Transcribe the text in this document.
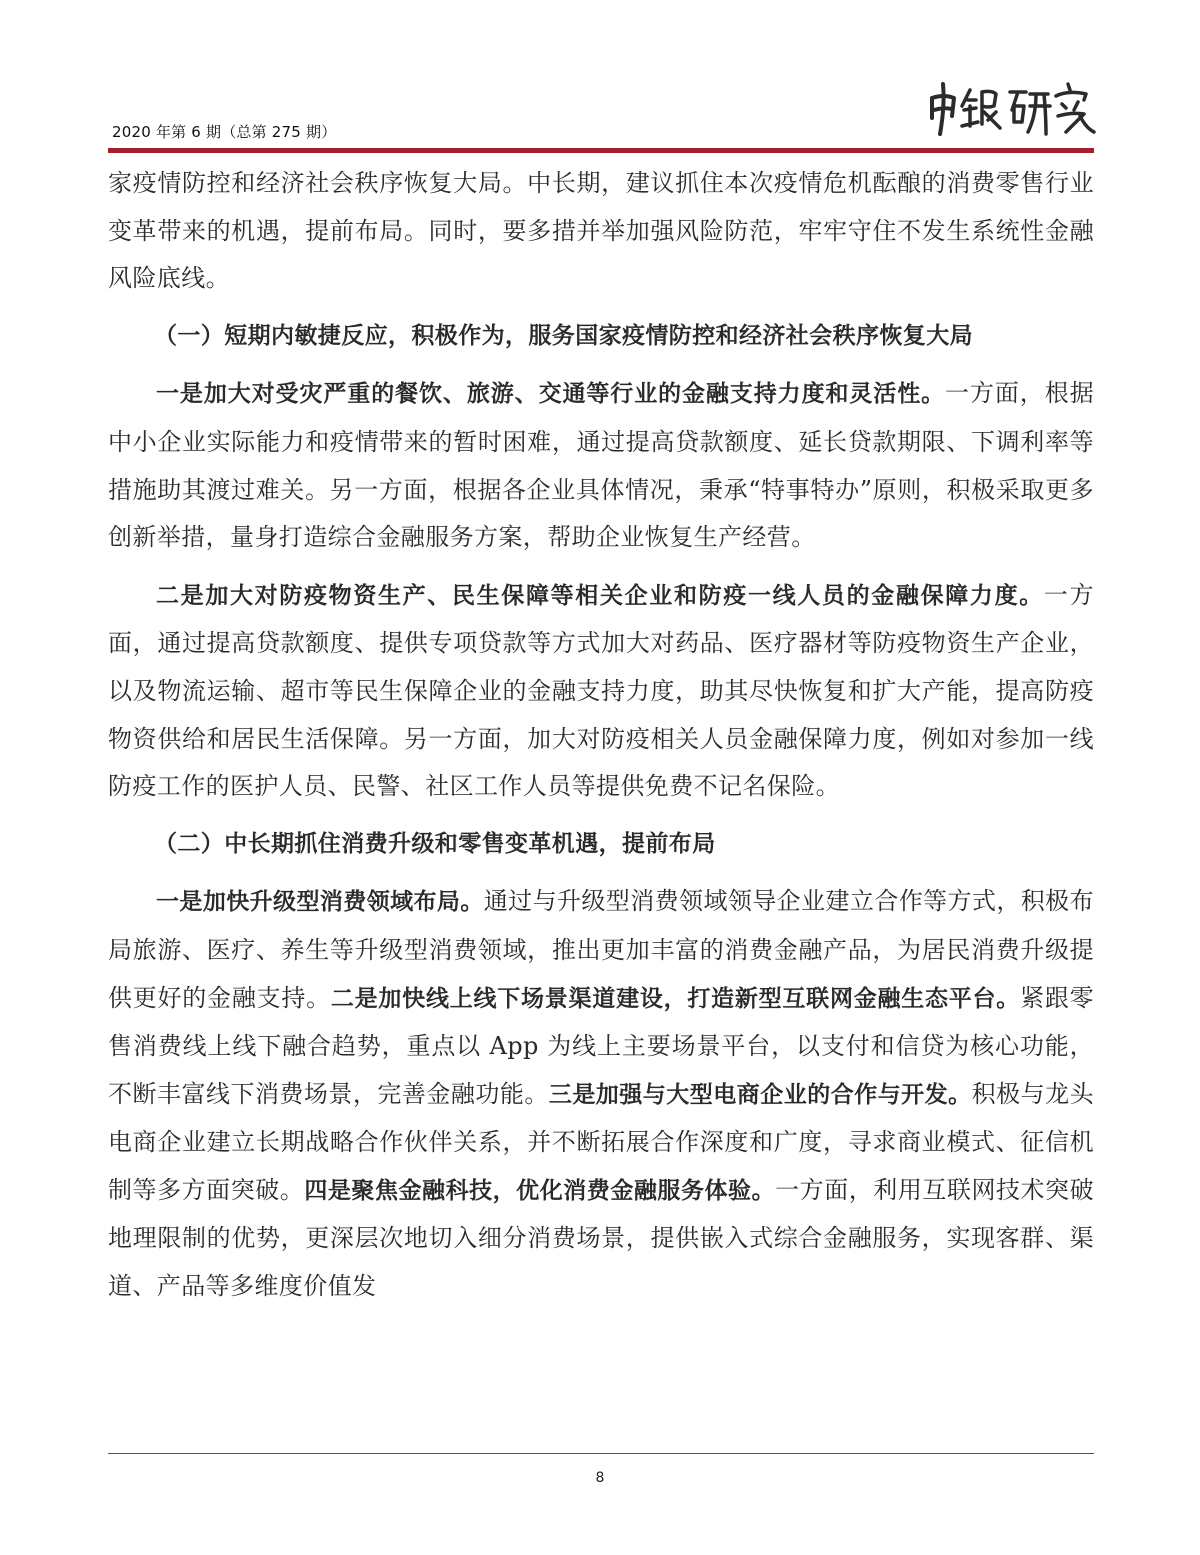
2020 年第 6 期（总第 275 期）

家疫情防控和经济社会秩序恢复大局。中长期，建议抓住本次疫情危机酝酿的消费零售行业变革带来的机遇，提前布局。同时，要多措并举加强风险防范，牢牢守住不发生系统性金融风险底线。

（一）短期内敏捷反应，积极作为，服务国家疫情防控和经济社会秩序恢复大局

一是加大对受灾严重的餐饮、旅游、交通等行业的金融支持力度和灵活性。一方面，根据中小企业实际能力和疫情带来的暂时困难，通过提高贷款额度、延长贷款期限、下调利率等措施助其渡过难关。另一方面，根据各企业具体情况，秉承“特事特办”原则，积极采取更多创新举措，量身打造综合金融服务方案，帮助企业恢复生产经营。

二是加大对防疫物资生产、民生保障等相关企业和防疫一线人员的金融保障力度。一方面，通过提高贷款额度、提供专项贷款等方式加大对药品、医疗器材等防疫物资生产企业，以及物流运输、超市等民生保障企业的金融支持力度，助其尽快恢复和扩大产能，提高防疫物资供给和居民生活保障。另一方面，加大对防疫相关人员金融保障力度，例如对参加一线防疫工作的医护人员、民警、社区工作人员等提供免费不记名保险。

（二）中长期抓住消费升级和零售变革机遇，提前布局

一是加快升级型消费领域布局。通过与升级型消费领域领导企业建立合作等方式，积极布局旅游、医疗、养生等升级型消费领域，推出更加丰富的消费金融产品，为居民消费升级提供更好的金融支持。二是加快线上线下场景渠道建设，打造新型互联网金融生态平台。紧跟零售消费线上线下融合趋势，重点以 App 为线上主要场景平台，以支付和信贷为核心功能，不断丰富线下消费场景，完善金融功能。三是加强与大型电商企业的合作与开发。积极与龙头电商企业建立长期战略合作伙伴关系，并不断拓展合作深度和广度，寻求商业模式、征信机制等多方面突破。四是聚焦金融科技，优化消费金融服务体验。一方面，利用互联网技术突破地理限制的优势，更深层次地切入细分消费场景，提供嵌入式综合金融服务，实现客群、渠道、产品等多维度价值发

8
